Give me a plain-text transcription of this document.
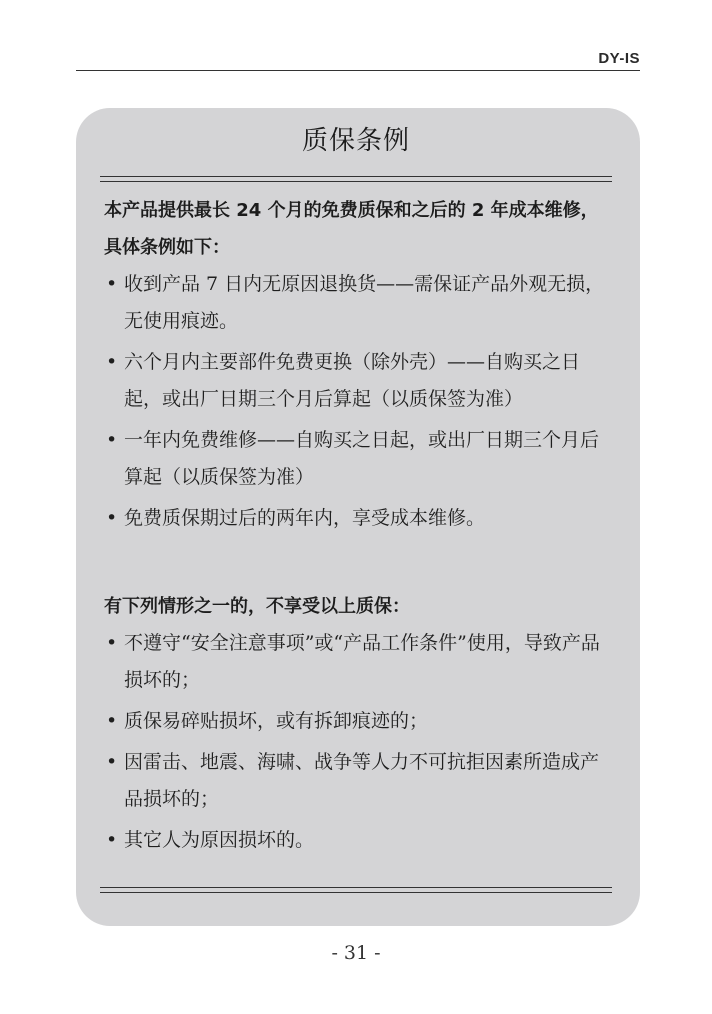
DY-IS
质保条例
本产品提供最长 24 个月的免费质保和之后的 2 年成本维修，具体条例如下：
• 收到产品 7 日内无原因退换货——需保证产品外观无损，无使用痕迹。
• 六个月内主要部件免费更换（除外壳）——自购买之日起，或出厂日期三个月后算起（以质保签为准）
• 一年内免费维修——自购买之日起，或出厂日期三个月后算起（以质保签为准）
• 免费质保期过后的两年内，享受成本维修。
有下列情形之一的，不享受以上质保：
• 不遵守“安全注意事项”或“产品工作条件”使用，导致产品损坏的；
• 质保易碎贴损坏，或有拆卸痕迹的；
• 因雷击、地震、海啸、战争等人力不可抗拒因素所造成产品损坏的；
• 其它人为原因损坏的。
- 31 -
